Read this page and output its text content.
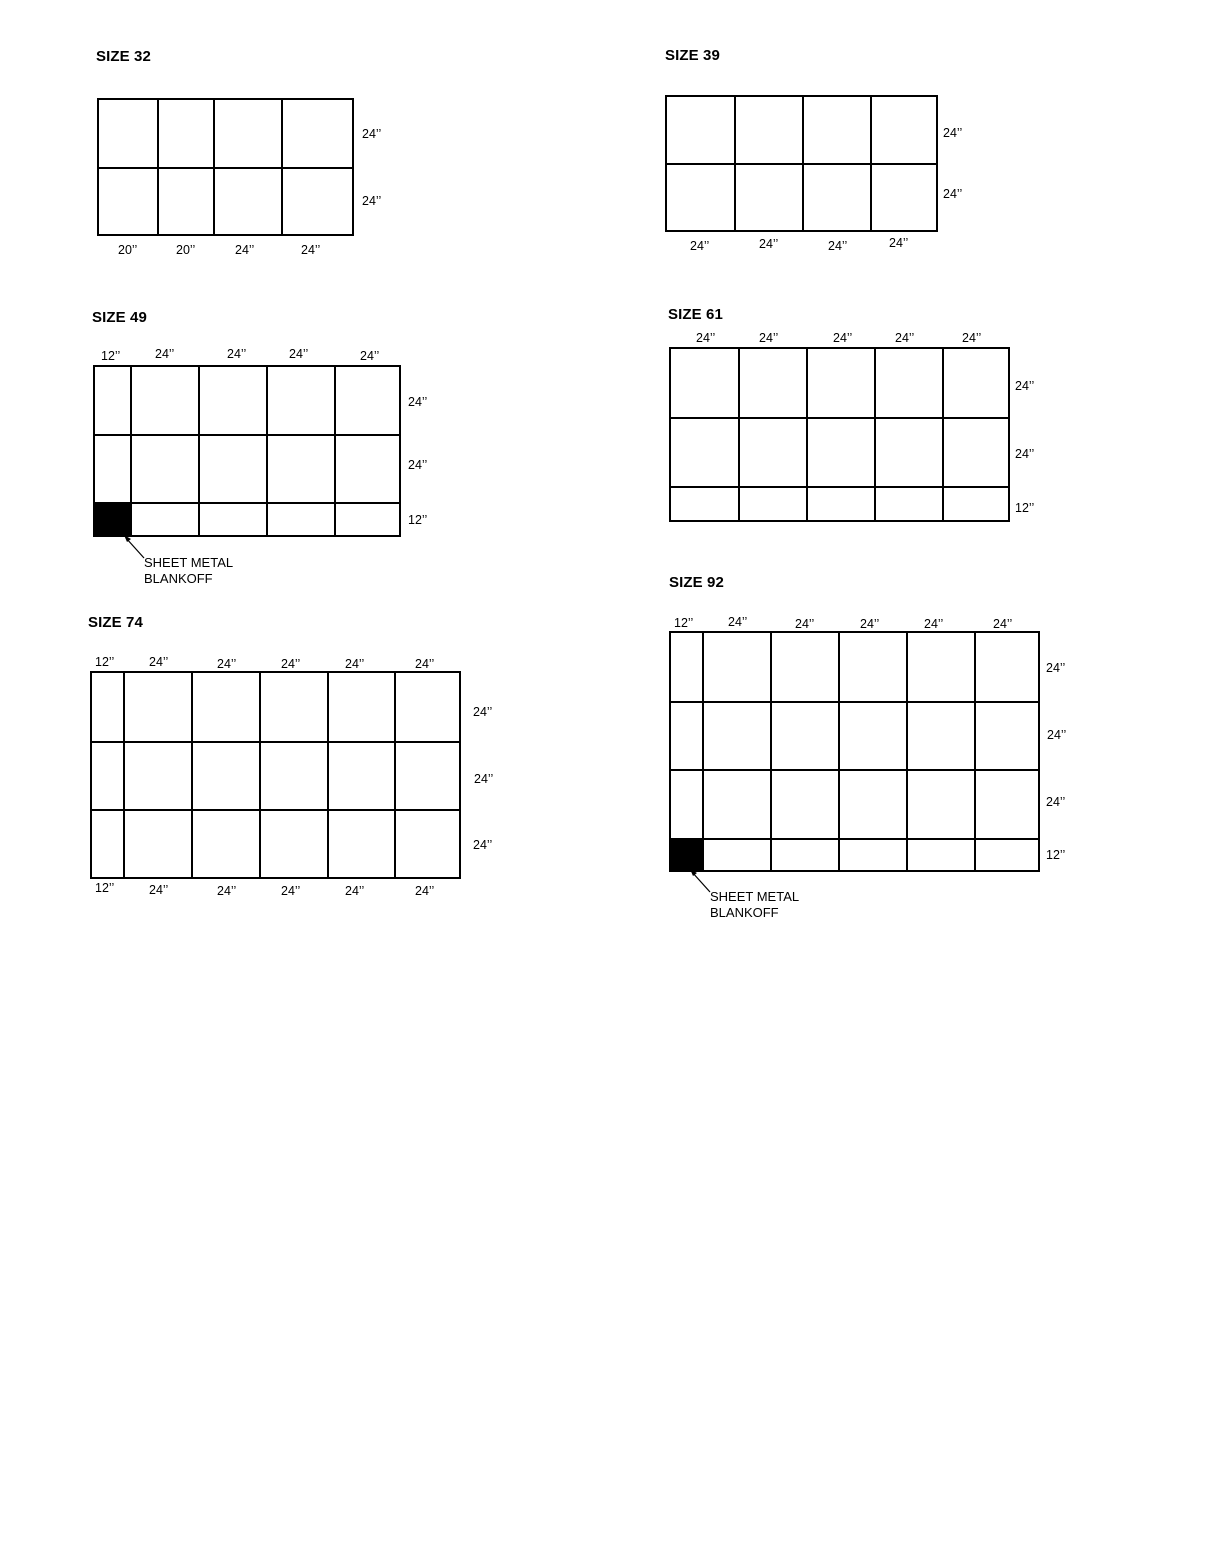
SIZE 32
20’’	20’’	24’’	24’’
24’’
24’’
SIZE 39
24’’	24’’	24’’	24’’
24’’
24’’
SIZE 49
12’’	24’’	24’’	24’’	24’’
24’’
24’’
12’’
SHEET METAL
BLANKOFF
SIZE 61
24’’	24’’	24’’	24’’	24’’
24’’
24’’
12’’
SIZE 74
12’’	24’’	24’’	24’’	24’’	24’’
12’’	24’’	24’’	24’’	24’’	24’’
24’’
24’’
24’’
SIZE 92
12’’	24’’	24’’	24’’	24’’	24’’
24’’
24’’
24’’
12’’
SHEET METAL
BLANKOFF
